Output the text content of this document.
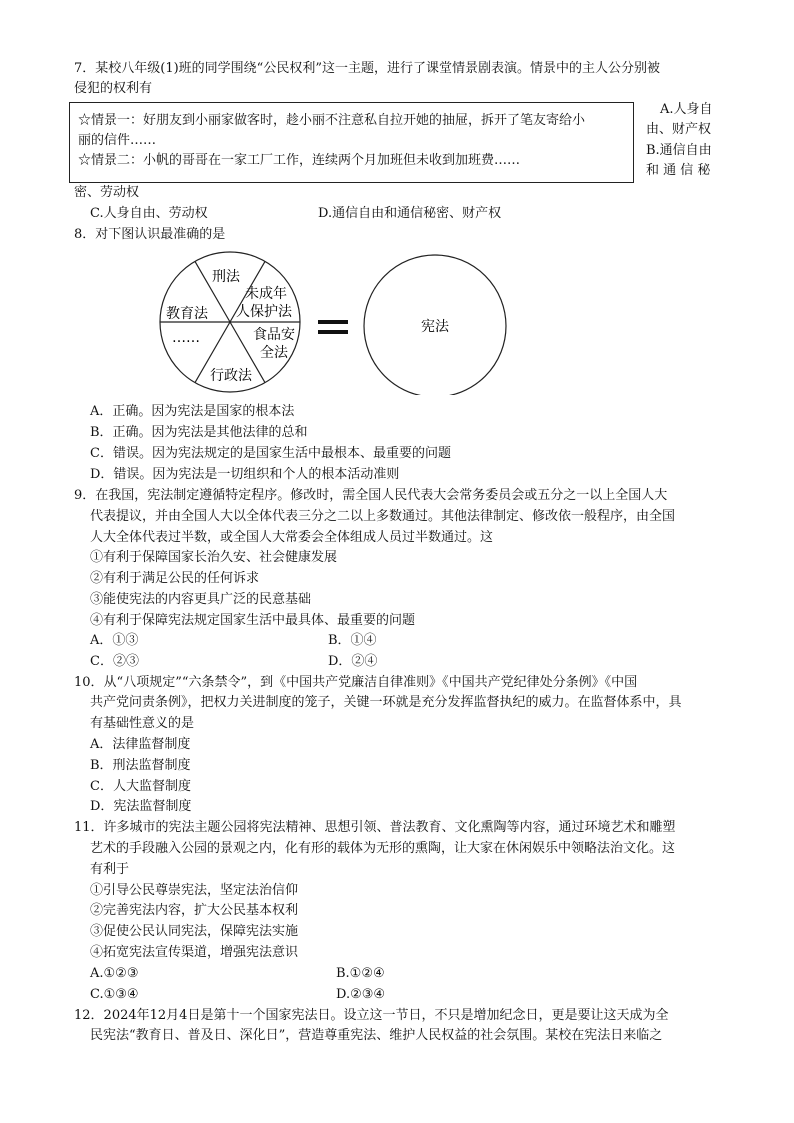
7．某校八年级(1)班的同学围绕“公民权利”这一主题，进行了课堂情景剧表演。情景中的主人公分别被
侵犯的权利有
☆情景一：好朋友到小丽家做客时，趁小丽不注意私自拉开她的抽屉，拆开了笔友寄给小
丽的信件……
☆情景二：小帆的哥哥在一家工厂工作，连续两个月加班但未收到加班费……
A.人身自
由、财产权
B.通信自由
和 通 信 秘
密、劳动权
C.人身自由、劳动权	D.通信自由和通信秘密、财产权
8．对下图认识最准确的是
刑法
未成年
人保护法
食品安
全法
行政法
……
教育法
宪法
A．正确。因为宪法是国家的根本法
B．正确。因为宪法是其他法律的总和
C．错误。因为宪法规定的是国家生活中最根本、最重要的问题
D．错误。因为宪法是一切组织和个人的根本活动准则
9．在我国，宪法制定遵循特定程序。修改时，需全国人民代表大会常务委员会或五分之一以上全国人大
代表提议，并由全国人大以全体代表三分之二以上多数通过。其他法律制定、修改依一般程序，由全国
人大全体代表过半数，或全国人大常委会全体组成人员过半数通过。这
①有利于保障国家长治久安、社会健康发展
②有利于满足公民的任何诉求
③能使宪法的内容更具广泛的民意基础
④有利于保障宪法规定国家生活中最具体、最重要的问题
A．①③	B．①④
C．②③	D．②④
10．从“八项规定”“六条禁令”，到《中国共产党廉洁自律准则》《中国共产党纪律处分条例》《中国
共产党问责条例》，把权力关进制度的笼子，关键一环就是充分发挥监督执纪的威力。在监督体系中，具
有基础性意义的是
A．法律监督制度
B．刑法监督制度
C．人大监督制度
D．宪法监督制度
11．许多城市的宪法主题公园将宪法精神、思想引领、普法教育、文化熏陶等内容，通过环境艺术和雕塑
艺术的手段融入公园的景观之内，化有形的载体为无形的熏陶，让大家在休闲娱乐中领略法治文化。这
有利于
①引导公民尊崇宪法，坚定法治信仰
②完善宪法内容，扩大公民基本权利
③促使公民认同宪法，保障宪法实施
④拓宽宪法宣传渠道，增强宪法意识
A.①②③	B.①②④
C.①③④	D.②③④
12．2024年12月4日是第十一个国家宪法日。设立这一节日，不只是增加纪念日，更是要让这天成为全
民宪法“教育日、普及日、深化日”，营造尊重宪法、维护人民权益的社会氛围。某校在宪法日来临之
